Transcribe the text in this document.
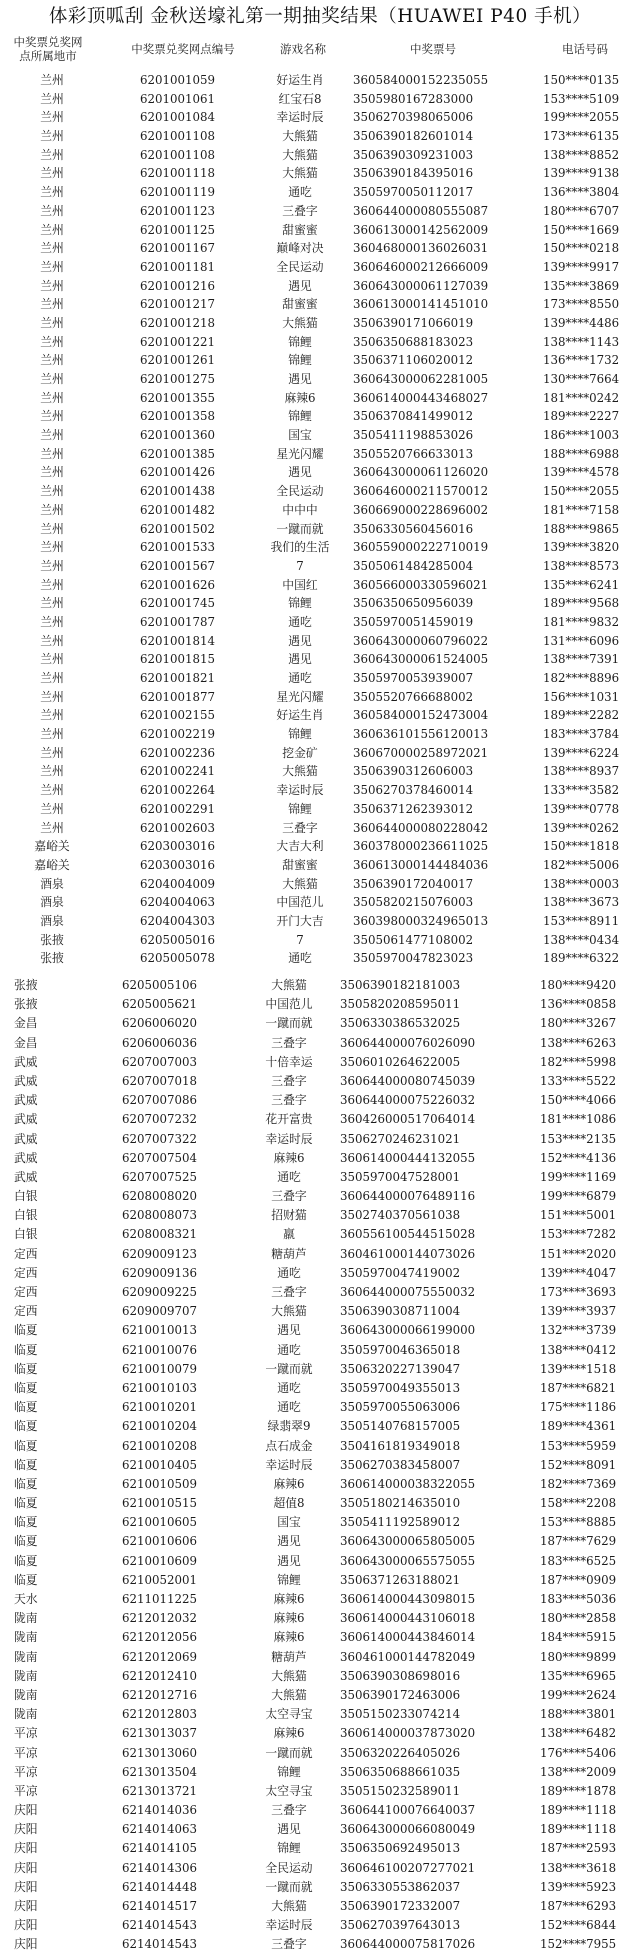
体彩顶呱刮 金秋送壕礼第一期抽奖结果（HUAWEI P40 手机）
中奖票兑奖网
点所属地市	中奖票兑奖网点编号	游戏名称	中奖票号	电话号码
兰州	6201001059	好运生肖	360584000152235055	150****0135
兰州	6201001061	红宝石8	3505980167283000	153****5109
兰州	6201001084	幸运时辰	3506270398065006	199****2055
兰州	6201001108	大熊猫	3506390182601014	173****6135
兰州	6201001108	大熊猫	3506390309231003	138****8852
兰州	6201001118	大熊猫	3506390184395016	139****9138
兰州	6201001119	通吃	3505970050112017	136****3804
兰州	6201001123	三叠字	360644000080555087	180****6707
兰州	6201001125	甜蜜蜜	360613000142562009	150****1669
兰州	6201001167	巅峰对决	360468000136026031	150****0218
兰州	6201001181	全民运动	360646000212666009	139****9917
兰州	6201001216	遇见	360643000061127039	135****3869
兰州	6201001217	甜蜜蜜	360613000141451010	173****8550
兰州	6201001218	大熊猫	3506390171066019	139****4486
兰州	6201001221	锦鲤	3506350688183023	138****1143
兰州	6201001261	锦鲤	3506371106020012	136****1732
兰州	6201001275	遇见	360643000062281005	130****7664
兰州	6201001355	麻辣6	360614000443468027	181****0242
兰州	6201001358	锦鲤	3506370841499012	189****2227
兰州	6201001360	国宝	3505411198853026	186****1003
兰州	6201001385	星光闪耀	3505520766633013	188****6988
兰州	6201001426	遇见	360643000061126020	139****4578
兰州	6201001438	全民运动	360646000211570012	150****2055
兰州	6201001482	中中中	360669000228696002	181****7158
兰州	6201001502	一蹴而就	3506330560456016	188****9865
兰州	6201001533	我们的生活	360559000222710019	139****3820
兰州	6201001567	7	3505061484285004	138****8573
兰州	6201001626	中国红	360566000330596021	135****6241
兰州	6201001745	锦鲤	3506350650956039	189****9568
兰州	6201001787	通吃	3505970051459019	181****9832
兰州	6201001814	遇见	360643000060796022	131****6096
兰州	6201001815	遇见	360643000061524005	138****7391
兰州	6201001821	通吃	3505970053939007	182****8896
兰州	6201001877	星光闪耀	3505520766688002	156****1031
兰州	6201002155	好运生肖	360584000152473004	189****2282
兰州	6201002219	锦鲤	360636101556120013	183****3784
兰州	6201002236	挖金矿	360670000258972021	139****6224
兰州	6201002241	大熊猫	3506390312606003	138****8937
兰州	6201002264	幸运时辰	3506270378460014	133****3582
兰州	6201002291	锦鲤	3506371262393012	139****0778
兰州	6201002603	三叠字	360644000080228042	139****0262
嘉峪关	6203003016	大吉大利	360378000236611025	150****1818
嘉峪关	6203003016	甜蜜蜜	360613000144484036	182****5006
酒泉	6204004009	大熊猫	3506390172040017	138****0003
酒泉	6204004063	中国范儿	3505820215076003	138****3673
酒泉	6204004303	开门大吉	360398000324965013	153****8911
张掖	6205005016	7	3505061477108002	138****0434
张掖	6205005078	通吃	3505970047823023	189****6322
张掖	6205005106	大熊猫	3506390182181003	180****9420
张掖	6205005621	中国范儿	3505820208595011	136****0858
金昌	6206006020	一蹴而就	3506330386532025	180****3267
金昌	6206006036	三叠字	360644000076026090	138****6263
武威	6207007003	十倍幸运	3506010264622005	182****5998
武威	6207007018	三叠字	360644000080745039	133****5522
武威	6207007086	三叠字	360644000075226032	150****4066
武威	6207007232	花开富贵	360426000517064014	181****1086
武威	6207007322	幸运时辰	3506270246231021	153****2135
武威	6207007504	麻辣6	360614000444132055	152****4136
武威	6207007525	通吃	3505970047528001	199****1169
白银	6208008020	三叠字	360644000076489116	199****6879
白银	6208008073	招财猫	3502740370561038	151****5001
白银	6208008321	羸	360556100544515028	153****7282
定西	6209009123	糖葫芦	360461000144073026	151****2020
定西	6209009136	通吃	3505970047419002	139****4047
定西	6209009225	三叠字	360644000075550032	173****3693
定西	6209009707	大熊猫	3506390308711004	139****3937
临夏	6210010013	遇见	360643000066199000	132****3739
临夏	6210010076	通吃	3505970046365018	138****0412
临夏	6210010079	一蹴而就	3506320227139047	139****1518
临夏	6210010103	通吃	3505970049355013	187****6821
临夏	6210010201	通吃	3505970055063006	175****1186
临夏	6210010204	绿翡翠9	3505140768157005	189****4361
临夏	6210010208	点石成金	3504161819349018	153****5959
临夏	6210010405	幸运时辰	3506270383458007	152****8091
临夏	6210010509	麻辣6	360614000038322055	182****7369
临夏	6210010515	超值8	3505180214635010	158****2208
临夏	6210010605	国宝	3505411192589012	153****8885
临夏	6210010606	遇见	360643000065805005	187****7629
临夏	6210010609	遇见	360643000065575055	183****6525
临夏	6210052001	锦鲤	3506371263188021	187****0909
天水	6211011225	麻辣6	360614000443098015	183****5036
陇南	6212012032	麻辣6	360614000443106018	180****2858
陇南	6212012056	麻辣6	360614000443846014	184****5915
陇南	6212012069	糖葫芦	360461000144782049	180****9899
陇南	6212012410	大熊猫	3506390308698016	135****6965
陇南	6212012716	大熊猫	3506390172463006	199****2624
陇南	6212012803	太空寻宝	3505150233074214	188****3801
平凉	6213013037	麻辣6	360614000037873020	138****6482
平凉	6213013060	一蹴而就	3506320226405026	176****5406
平凉	6213013504	锦鲤	3506350688661035	138****2009
平凉	6213013721	太空寻宝	3505150232589011	189****1878
庆阳	6214014036	三叠字	360644100076640037	189****1118
庆阳	6214014063	遇见	360643000066080049	189****1118
庆阳	6214014105	锦鲤	3506350692495013	187****2593
庆阳	6214014306	全民运动	360646100207277021	138****3618
庆阳	6214014448	一蹴而就	3506330553862037	139****5923
庆阳	6214014517	大熊猫	3506390172332007	187****6293
庆阳	6214014543	幸运时辰	3506270397643013	152****6844
庆阳	6214014543	三叠字	360644000075817026	152****7955
